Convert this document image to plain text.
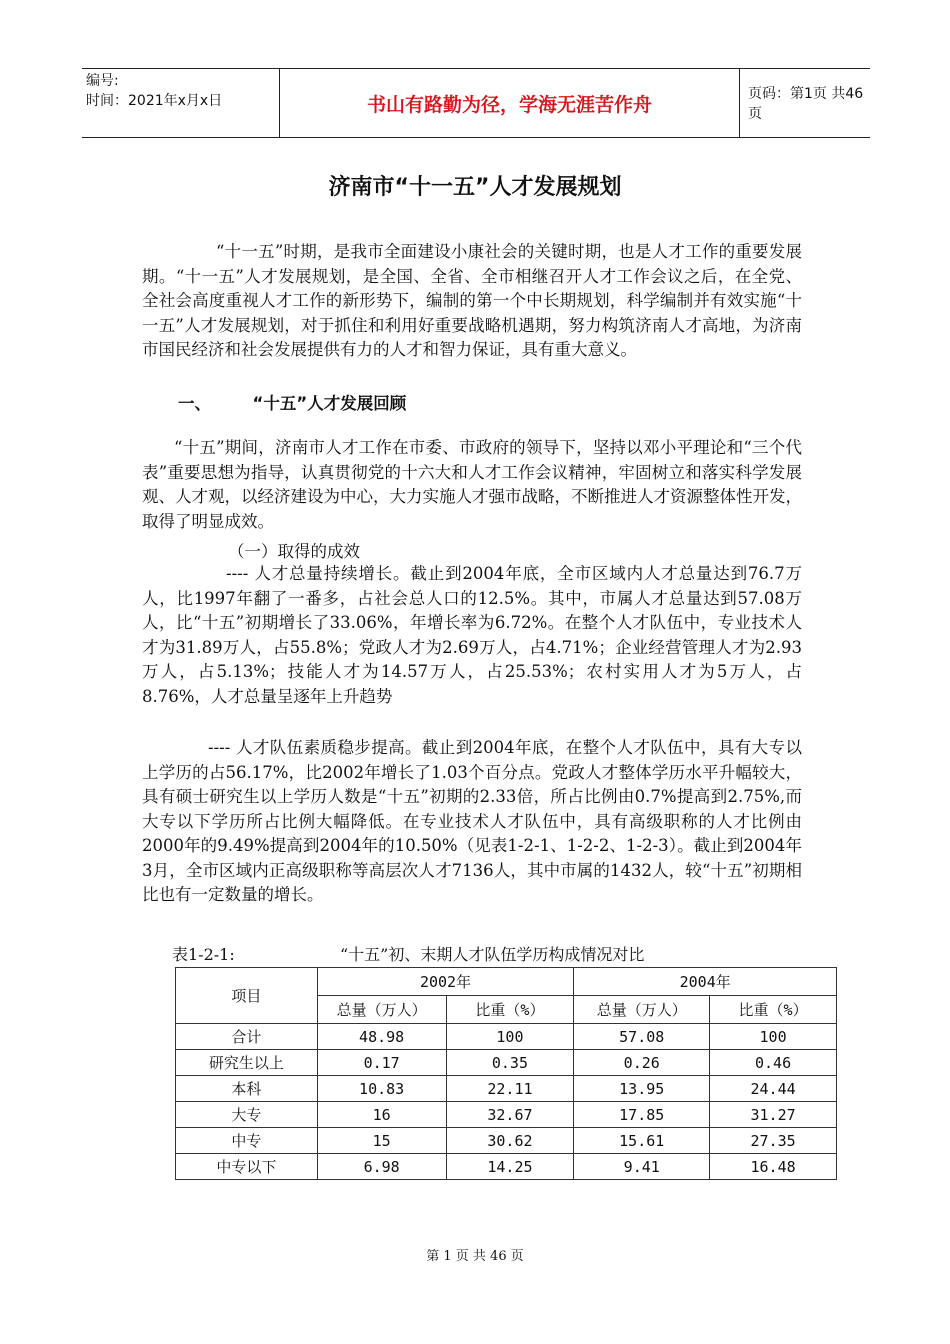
编号:
时间：2021年x月x日	书山有路勤为径，学海无涯苦作舟	页码：第1页 共46页
济南市“十一五”人才发展规划

“十一五”时期，是我市全面建设小康社会的关键时期，也是人才工作的重要发展期。“十一五”人才发展规划，是全国、全省、全市相继召开人才工作会议之后，在全党、全社会高度重视人才工作的新形势下，编制的第一个中长期规划，科学编制并有效实施“十一五”人才发展规划，对于抓住和利用好重要战略机遇期，努力构筑济南人才高地，为济南市国民经济和社会发展提供有力的人才和智力保证，具有重大意义。

一、	“十五”人才发展回顾

“十五”期间，济南市人才工作在市委、市政府的领导下，坚持以邓小平理论和“三个代表”重要思想为指导，认真贯彻党的十六大和人才工作会议精神，牢固树立和落实科学发展观、人才观，以经济建设为中心，大力实施人才强市战略，不断推进人才资源整体性开发，取得了明显成效。

（一）取得的成效

---- 人才总量持续增长。截止到2004年底，全市区域内人才总量达到76.7万人，比1997年翻了一番多，占社会总人口的12.5%。其中，市属人才总量达到57.08万人，比“十五”初期增长了33.06%，年增长率为6.72%。在整个人才队伍中，专业技术人才为31.89万人，占55.8%；党政人才为2.69万人，占4.71%；企业经营管理人才为2.93万人，占5.13%；技能人才为14.57万人，占25.53%；农村实用人才为5万人，占8.76%，人才总量呈逐年上升趋势

---- 人才队伍素质稳步提高。截止到2004年底，在整个人才队伍中，具有大专以上学历的占56.17%，比2002年增长了1.03个百分点。党政人才整体学历水平升幅较大，具有硕士研究生以上学历人数是“十五”初期的2.33倍，所占比例由0.7%提高到2.75%,而大专以下学历所占比例大幅降低。在专业技术人才队伍中，具有高级职称的人才比例由2000年的9.49%提高到2004年的10.50%（见表1-2-1、1-2-2、1-2-3）。截止到2004年3月，全市区域内正高级职称等高层次人才7136人，其中市属的1432人，较“十五”初期相比也有一定数量的增长。

表1-2-1:	“十五”初、末期人才队伍学历构成情况对比
项目	2002年		2004年	
	总量（万人）	比重（%）	总量（万人）	比重（%）
合计	48.98	100	57.08	100
研究生以上	0.17	0.35	0.26	0.46
本科	10.83	22.11	13.95	24.44
大专	16	32.67	17.85	31.27
中专	15	30.62	15.61	27.35
中专以下	6.98	14.25	9.41	16.48
第 1 页 共 46 页
